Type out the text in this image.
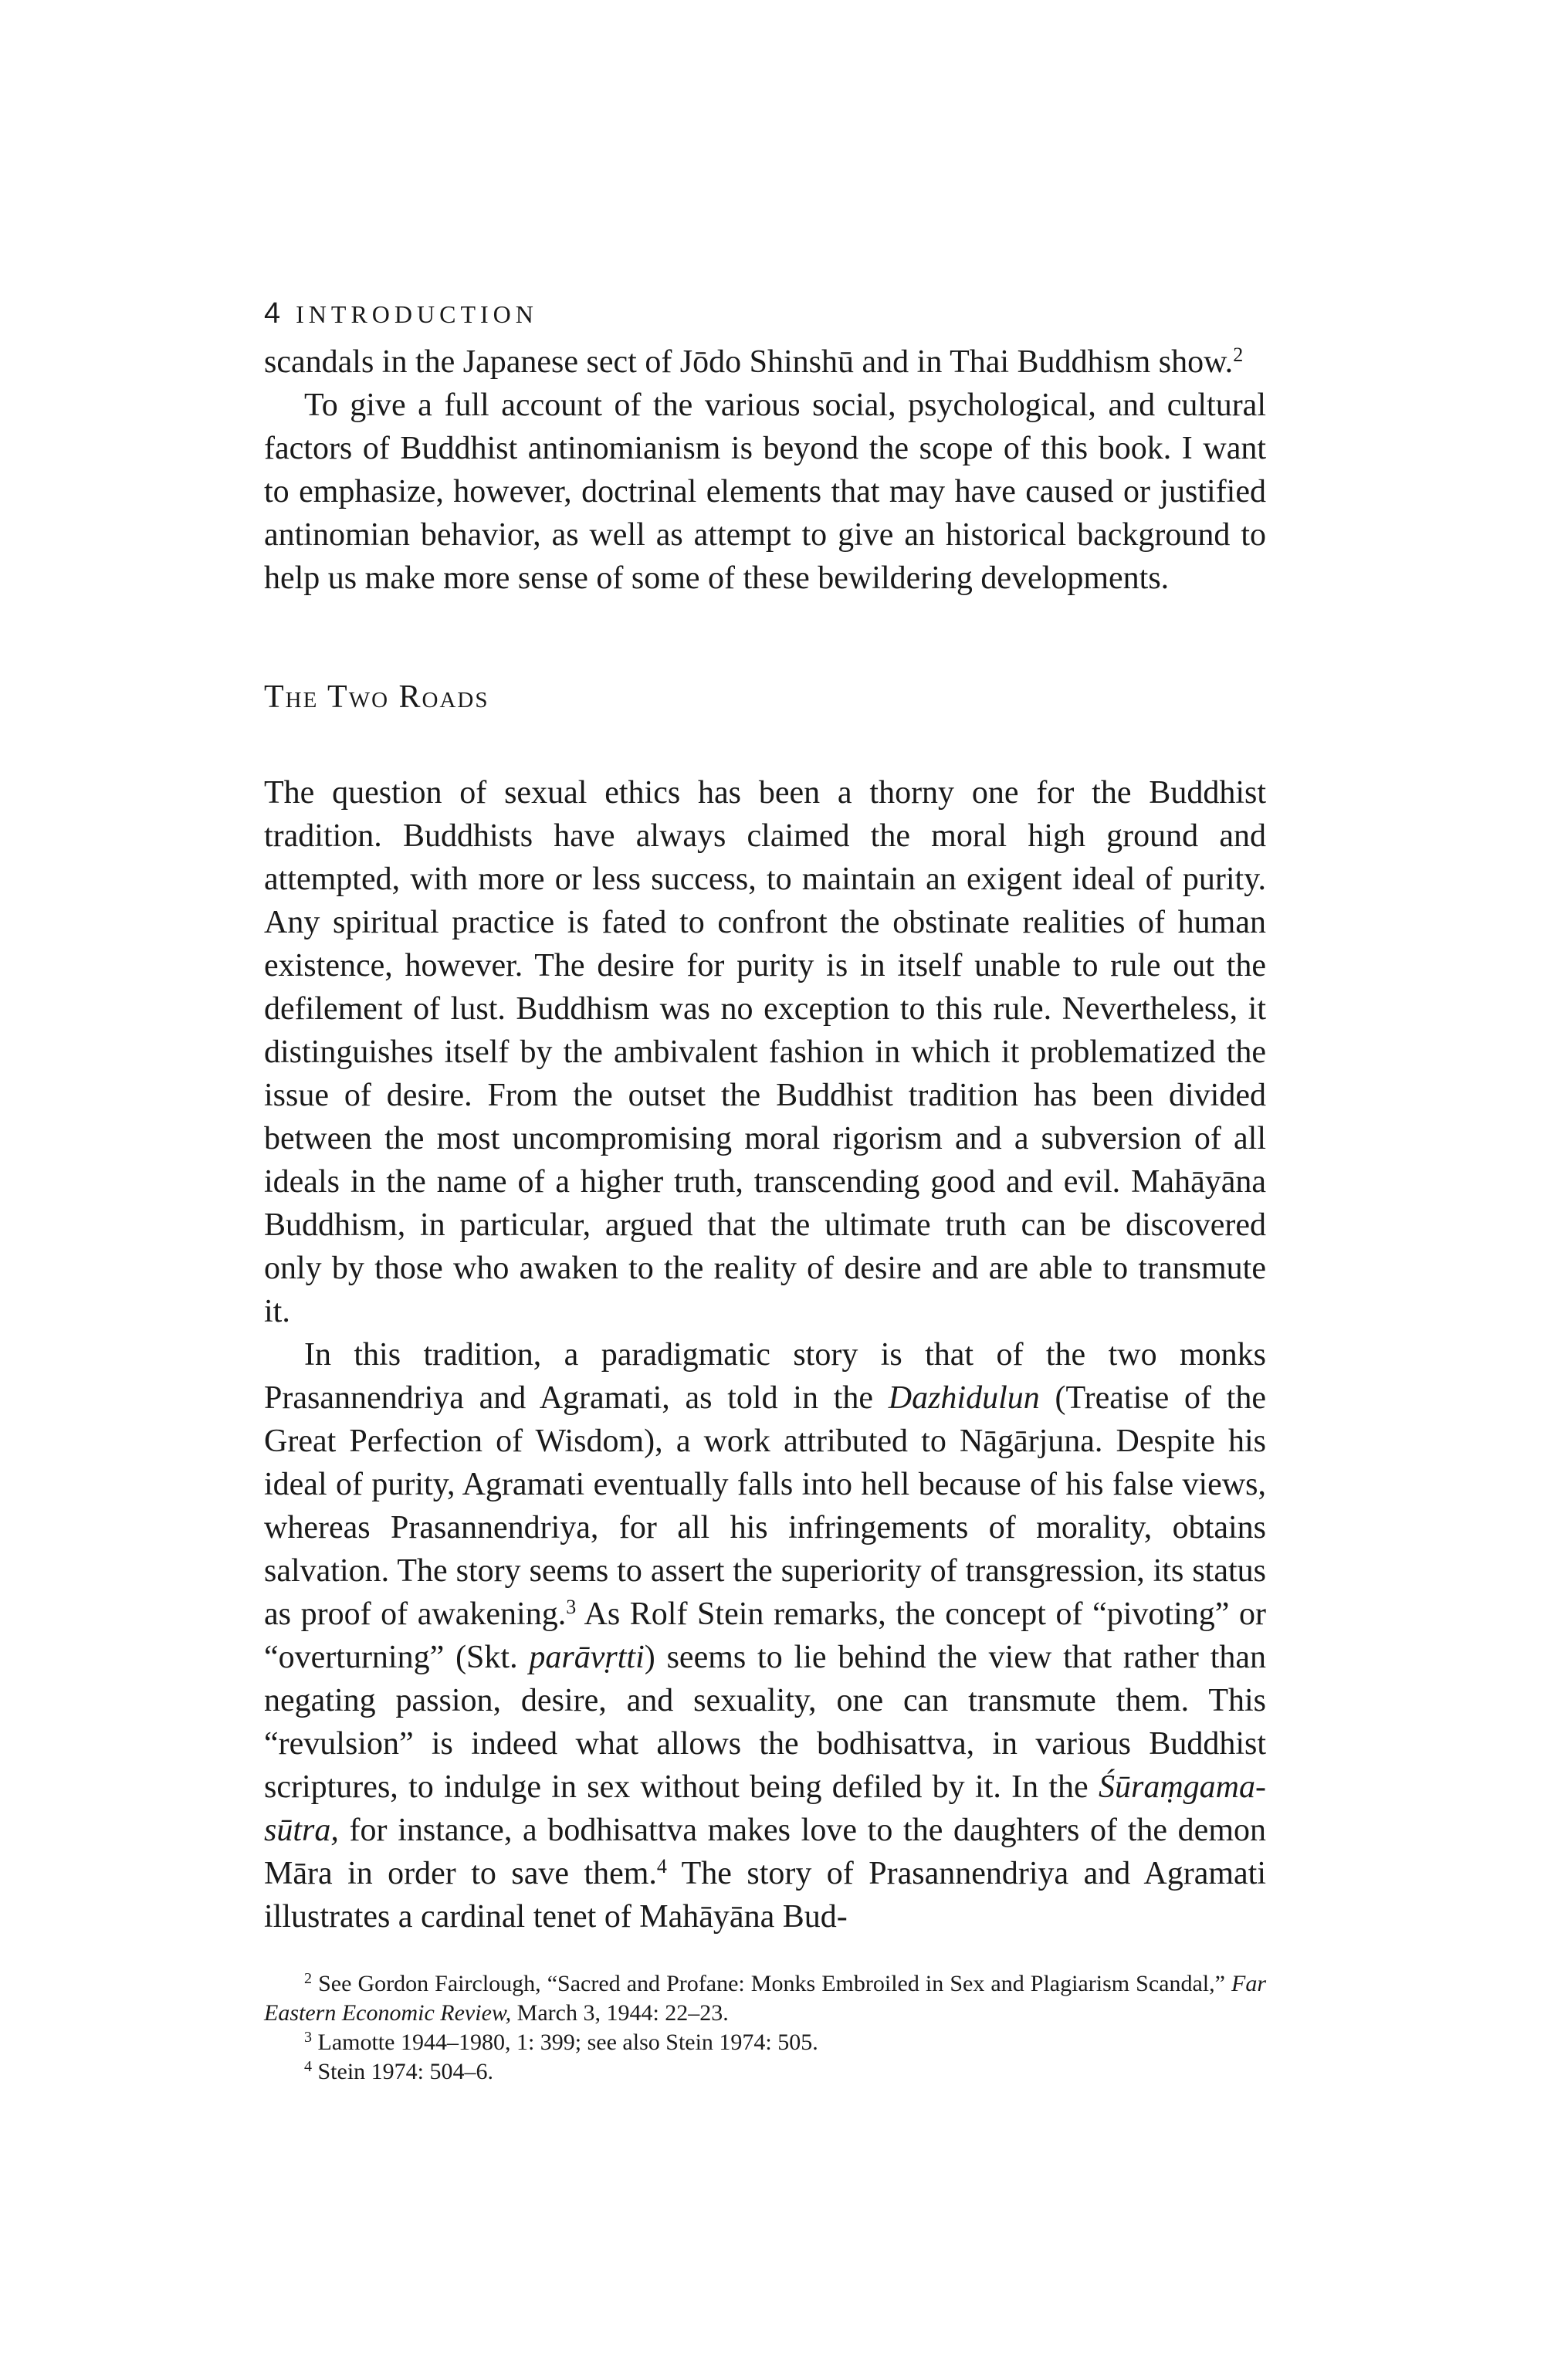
4 INTRODUCTION

scandals in the Japanese sect of Jōdo Shinshū and in Thai Buddhism show.$^2$

To give a full account of the various social, psychological, and cultural factors of Buddhist antinomianism is beyond the scope of this book. I want to emphasize, however, doctrinal elements that may have caused or justified antinomian behavior, as well as attempt to give an historical background to help us make more sense of some of these bewildering developments.

The Two Roads

The question of sexual ethics has been a thorny one for the Buddhist tradition. Buddhists have always claimed the moral high ground and attempted, with more or less success, to maintain an exigent ideal of purity. Any spiritual practice is fated to confront the obstinate realities of human existence, however. The desire for purity is in itself unable to rule out the defilement of lust. Buddhism was no exception to this rule. Nevertheless, it distinguishes itself by the ambivalent fashion in which it problematized the issue of desire. From the outset the Buddhist tradition has been divided between the most uncompromising moral rigorism and a subversion of all ideals in the name of a higher truth, transcending good and evil. Mahāyāna Buddhism, in particular, argued that the ultimate truth can be discovered only by those who awaken to the reality of desire and are able to transmute it.

In this tradition, a paradigmatic story is that of the two monks Prasannendriya and Agramati, as told in the Dazhidulun (Treatise of the Great Perfection of Wisdom), a work attributed to Nāgārjuna. Despite his ideal of purity, Agramati eventually falls into hell because of his false views, whereas Prasannendriya, for all his infringements of morality, obtains salvation. The story seems to assert the superiority of transgression, its status as proof of awakening.$^3$ As Rolf Stein remarks, the concept of “pivoting” or “overturning” (Skt. parāvṛtti) seems to lie behind the view that rather than negating passion, desire, and sexuality, one can transmute them. This “revulsion” is indeed what allows the bodhisattva, in various Buddhist scriptures, to indulge in sex without being defiled by it. In the Śūraṃgama-sūtra, for instance, a bodhisattva makes love to the daughters of the demon Māra in order to save them.$^4$ The story of Prasannendriya and Agramati illustrates a cardinal tenet of Mahāyāna Bud-

$^2$ See Gordon Fairclough, “Sacred and Profane: Monks Embroiled in Sex and Plagiarism Scandal,” Far Eastern Economic Review, March 3, 1944: 22–23.

$^3$ Lamotte 1944–1980, 1: 399; see also Stein 1974: 505.

$^4$ Stein 1974: 504–6.
